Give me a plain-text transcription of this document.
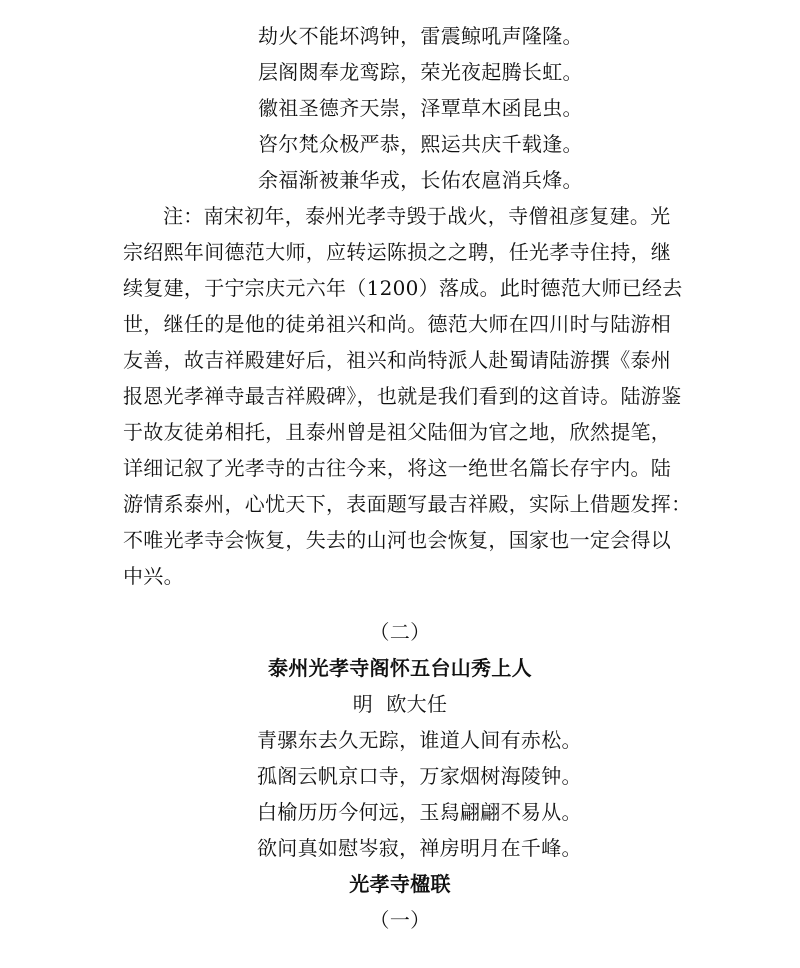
劫火不能坏鸿钟，雷震鲸吼声隆隆。
层阁閦奉龙鸾踪，荣光夜起腾长虹。
徽祖圣德齐天崇，泽覃草木函昆虫。
咨尔梵众极严恭，熙运共庆千载逢。
余福渐被兼华戎，长佑农扈消兵烽。
注：南宋初年，泰州光孝寺毁于战火，寺僧祖彦复建。光
宗绍熙年间德范大师，应转运陈损之之聘，任光孝寺住持，继
续复建，于宁宗庆元六年（1200）落成。此时德范大师已经去
世，继任的是他的徒弟祖兴和尚。德范大师在四川时与陆游相
友善，故吉祥殿建好后，祖兴和尚特派人赴蜀请陆游撰《泰州
报恩光孝禅寺最吉祥殿碑》，也就是我们看到的这首诗。陆游鉴
于故友徒弟相托，且泰州曾是祖父陆佃为官之地，欣然提笔，
详细记叙了光孝寺的古往今来，将这一绝世名篇长存宇内。陆
游情系泰州，心忧天下，表面题写最吉祥殿，实际上借题发挥：
不唯光孝寺会恢复，失去的山河也会恢复，国家也一定会得以
中兴。
（二）
泰州光孝寺阁怀五台山秀上人
明  欧大任
青骡东去久无踪，谁道人间有赤松。
孤阁云帆京口寺，万家烟树海陵钟。
白榆历历今何远，玉舄翩翩不易从。
欲问真如慰岑寂，禅房明月在千峰。
光孝寺楹联
（一）
